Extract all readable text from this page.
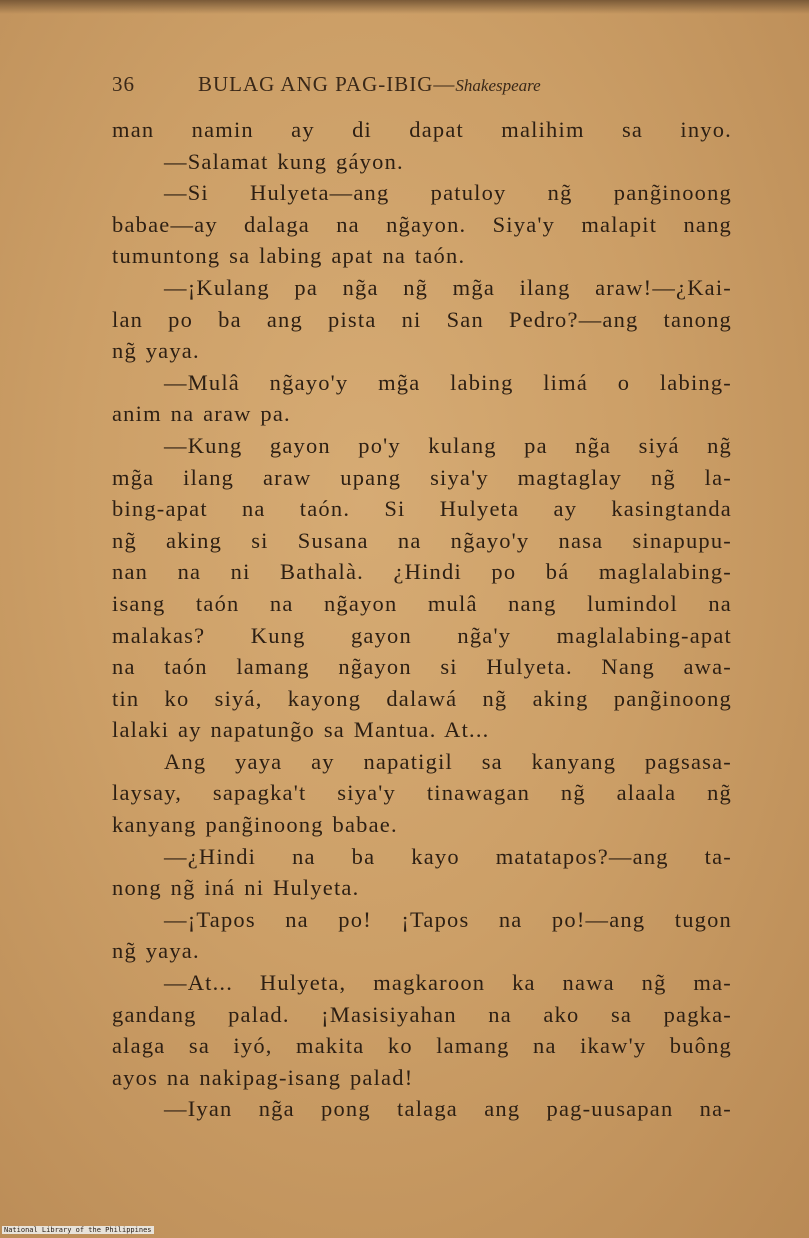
36	BULAG ANG PAG-IBIG—Shakespeare
man namin ay di dapat malihim sa inyo.
—Salamat kung gáyon.
—Si Hulyeta—ang patuloy ng̃ pang̃inoong
babae—ay dalaga na ng̃ayon. Siya'y malapit nang
tumuntong sa labing apat na taón.
—¡Kulang pa ng̃a ng̃ mg̃a ilang araw!—¿Kai-
lan po ba ang pista ni San Pedro?—ang tanong
ng̃ yaya.
—Mulâ ng̃ayo'y mg̃a labing limá o labing-
anim na araw pa.
—Kung gayon po'y kulang pa ng̃a siyá ng̃
mg̃a ilang araw upang siya'y magtaglay ng̃ la-
bing-apat na taón. Si Hulyeta ay kasingtanda
ng̃ aking si Susana na ng̃ayo'y nasa sinapupu-
nan na ni Bathalà. ¿Hindi po bá maglalabing-
isang taón na ng̃ayon mulâ nang lumindol na
malakas? Kung gayon ng̃a'y maglalabing-apat
na taón lamang ng̃ayon si Hulyeta. Nang awa-
tin ko siyá, kayong dalawá ng̃ aking pang̃inoong
lalaki ay napatung̃o sa Mantua. At...
Ang yaya ay napatigil sa kanyang pagsasa-
laysay, sapagka't siya'y tinawagan ng̃ alaala ng̃
kanyang pang̃inoong babae.
—¿Hindi na ba kayo matatapos?—ang ta-
nong ng̃ iná ni Hulyeta.
—¡Tapos na po! ¡Tapos na po!—ang tugon
ng̃ yaya.
—At... Hulyeta, magkaroon ka nawa ng̃ ma-
gandang palad. ¡Masisiyahan na ako sa pagka-
alaga sa iyó, makita ko lamang na ikaw'y buông
ayos na nakipag-isang palad!
—Iyan ng̃a pong talaga ang pag-uusapan na-
National Library of the Philippines
